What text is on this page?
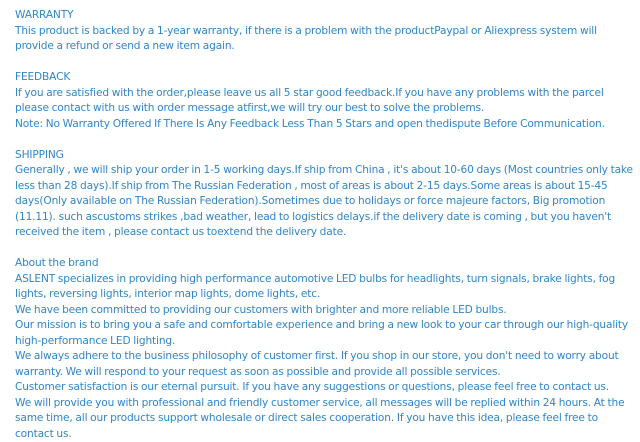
WARRANTY
This product is backed by a 1-year warranty, if there is a problem with the productPaypal or Aliexpress system will provide a refund or send a new item again.
FEEDBACK
If you are satisfied with the order,please leave us all 5 star good feedback.If you have any problems with the parcel please contact with us with order message atfirst,we will try our best to solve the problems.
Note: No Warranty Offered If There Is Any Feedback Less Than 5 Stars and open thedispute Before Communication.
SHIPPING
Generally , we will ship your order in 1-5 working days.If ship from China , it's about 10-60 days (Most countries only take less than 28 days).If ship from The Russian Federation , most of areas is about 2-15 days.Some areas is about 15-45 days(Only available on The Russian Federation).Sometimes due to holidays or force majeure factors, Big promotion (11.11). such ascustoms strikes ,bad weather, lead to logistics delays.if the delivery date is coming , but you haven't received the item , please contact us toextend the delivery date.
About the brand
ASLENT specializes in providing high performance automotive LED bulbs for headlights, turn signals, brake lights, fog lights, reversing lights, interior map lights, dome lights, etc.
We have been committed to providing our customers with brighter and more reliable LED bulbs.
Our mission is to bring you a safe and comfortable experience and bring a new look to your car through our high-quality high-performance LED lighting.
We always adhere to the business philosophy of customer first. If you shop in our store, you don't need to worry about warranty. We will respond to your request as soon as possible and provide all possible services.
Customer satisfaction is our eternal pursuit. If you have any suggestions or questions, please feel free to contact us.
We will provide you with professional and friendly customer service, all messages will be replied within 24 hours. At the same time, all our products support wholesale or direct sales cooperation. If you have this idea, please feel free to contact us.
